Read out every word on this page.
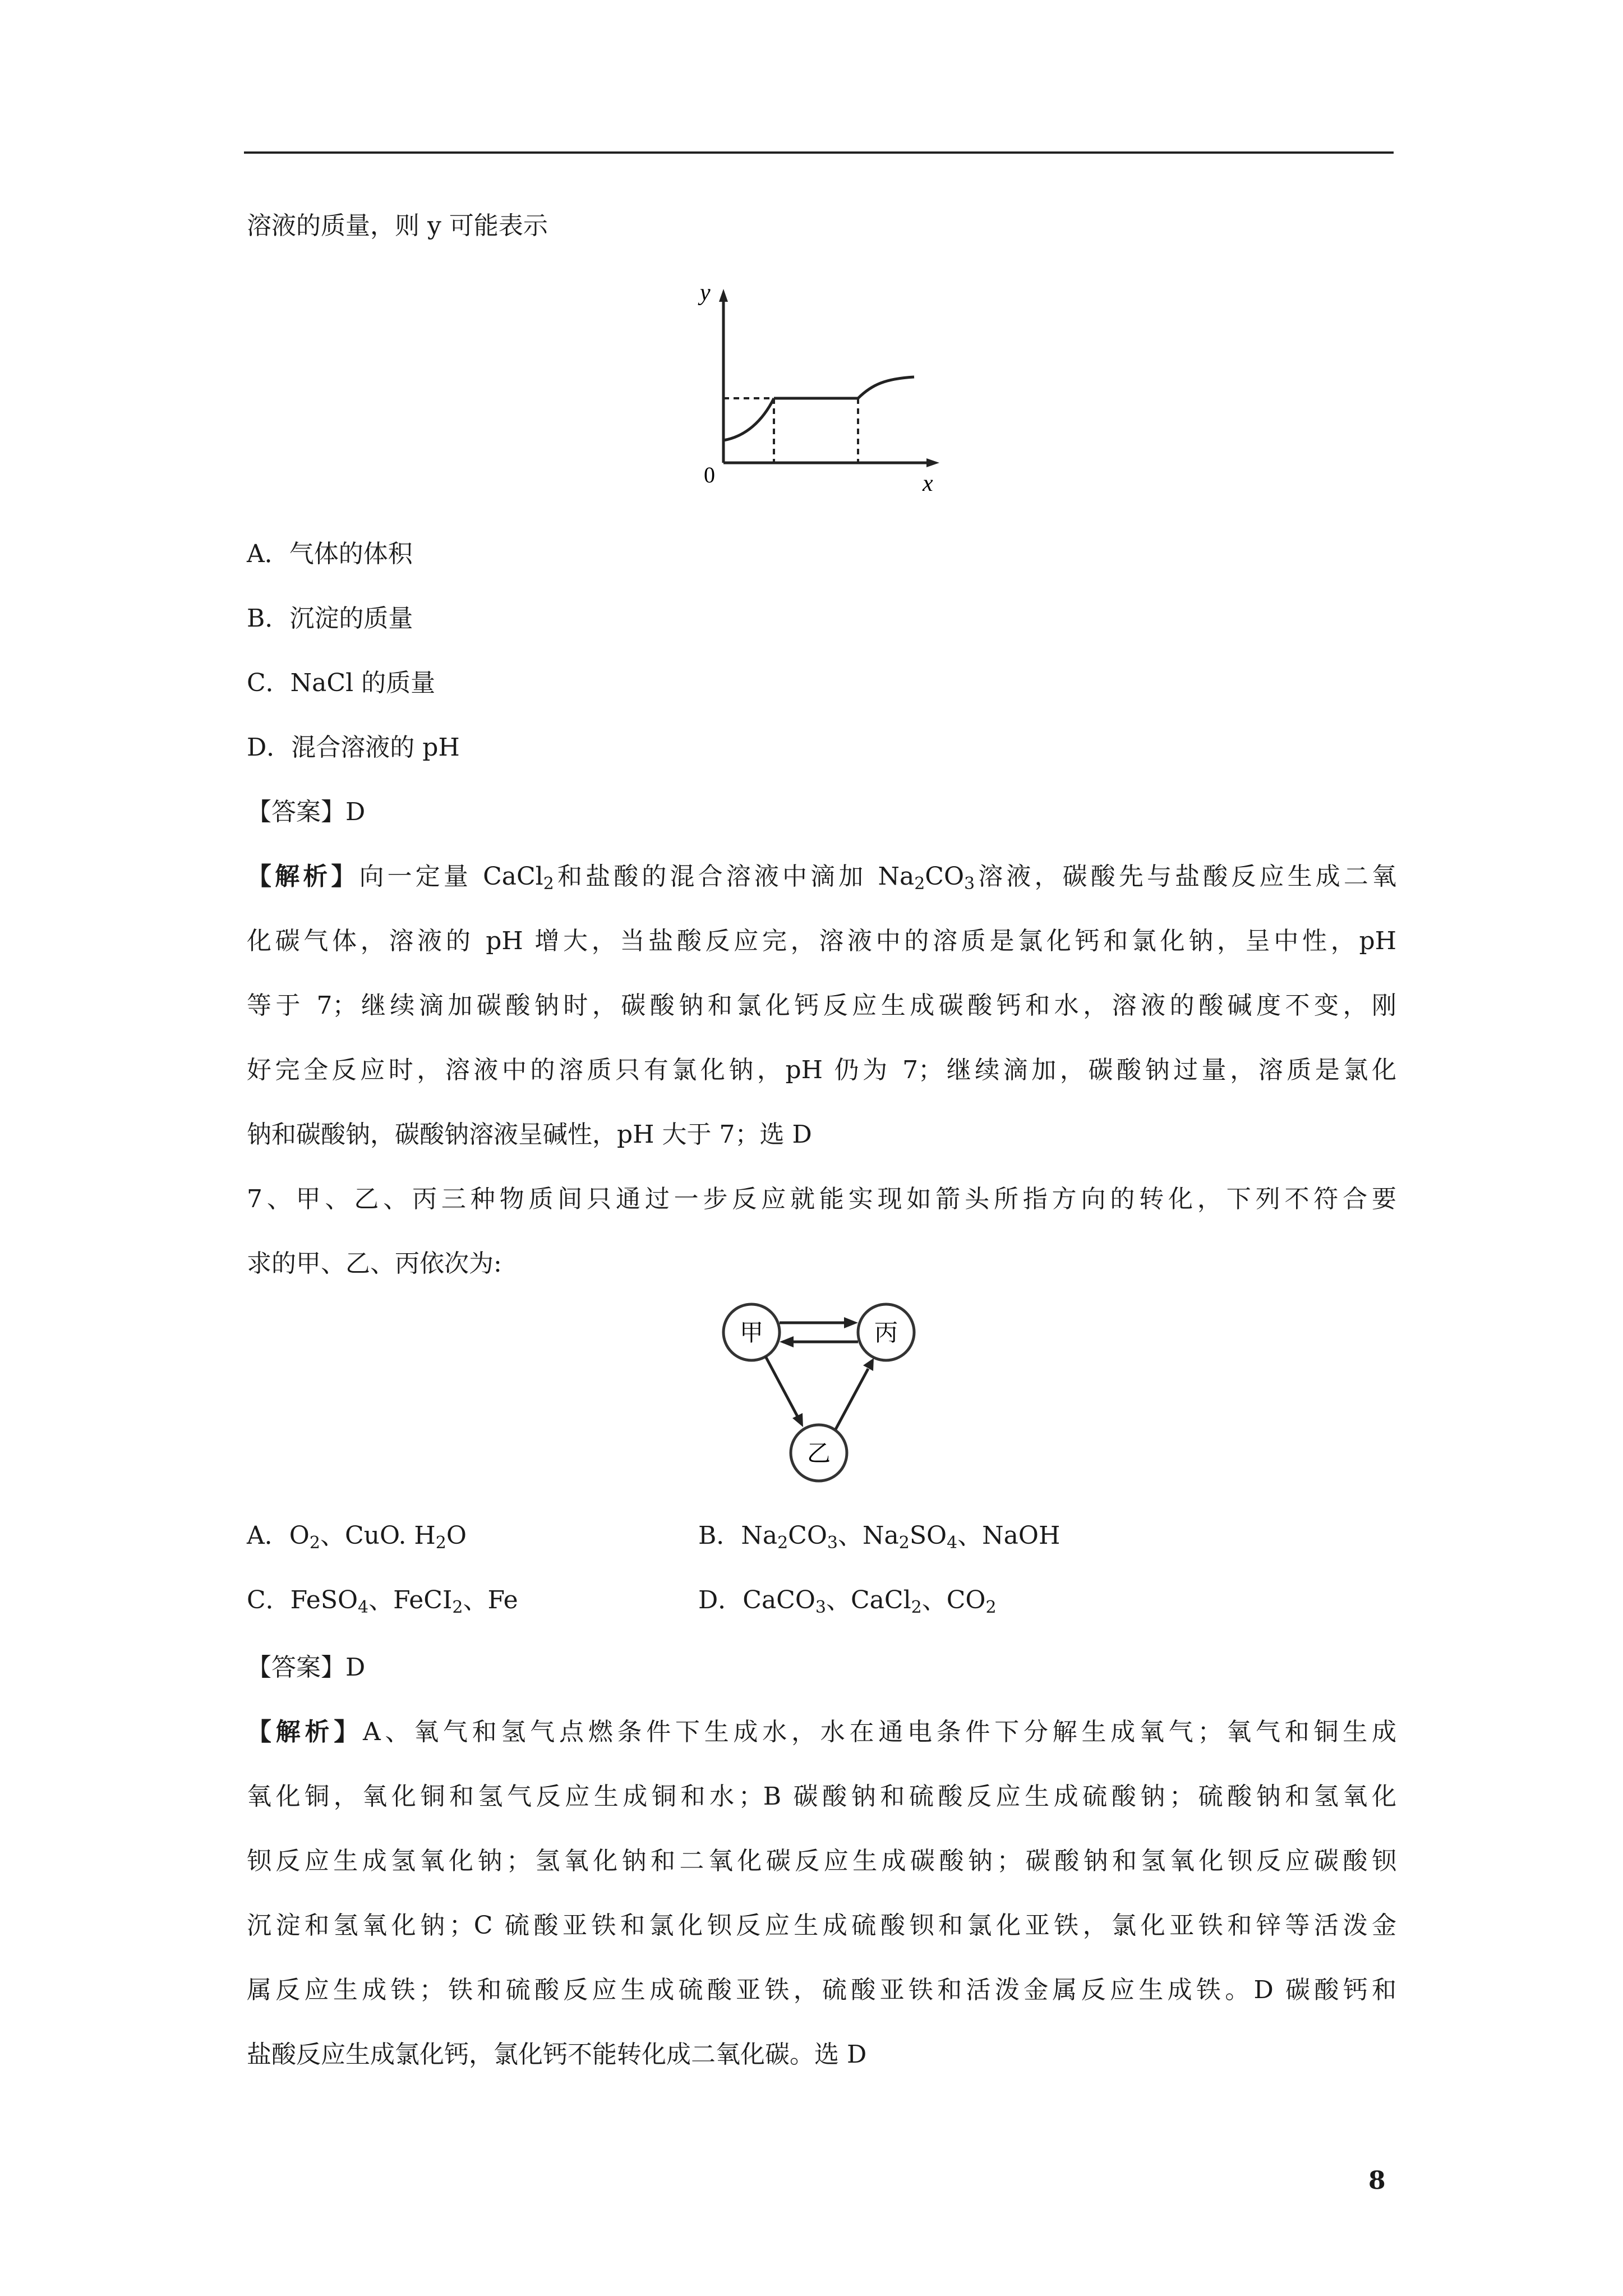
溶液的质量，则 y 可能表示
y
x
0
A．气体的体积
B．沉淀的质量
C．NaCl 的质量
D．混合溶液的 pH
【答案】D
【解析】向一定量 CaCl$_2$和盐酸的混合溶液中滴加 $Na_2CO_3$溶液，碳酸先与盐酸反应生成二氧
化碳气体，溶液的 pH 增大，当盐酸反应完，溶液中的溶质是氯化钙和氯化钠，呈中性，pH
等于 7；继续滴加碳酸钠时，碳酸钠和氯化钙反应生成碳酸钙和水，溶液的酸碱度不变，刚
好完全反应时，溶液中的溶质只有氯化钠，pH 仍为 7；继续滴加，碳酸钠过量，溶质是氯化
钠和碳酸钠，碳酸钠溶液呈碱性，pH 大于 7；选 D
7、甲、乙、丙三种物质间只通过一步反应就能实现如箭头所指方向的转化，下列不符合要
求的甲、乙、丙依次为:
甲	丙
乙
A．$O_2$、CuO. $H_2O$	B．$Na_2CO_3$、$Na_2SO_4$、NaOH
C．FeSO$_4$、FeCI$_2$、Fe	D．CaCO$_3$、CaCl$_2$、$CO_2$
【答案】D
【解析】A、氧气和氢气点燃条件下生成水，水在通电条件下分解生成氧气；氧气和铜生成
氧化铜，氧化铜和氢气反应生成铜和水；B 碳酸钠和硫酸反应生成硫酸钠；硫酸钠和氢氧化
钡反应生成氢氧化钠；氢氧化钠和二氧化碳反应生成碳酸钠；碳酸钠和氢氧化钡反应碳酸钡
沉淀和氢氧化钠；C 硫酸亚铁和氯化钡反应生成硫酸钡和氯化亚铁，氯化亚铁和锌等活泼金
属反应生成铁；铁和硫酸反应生成硫酸亚铁，硫酸亚铁和活泼金属反应生成铁。D 碳酸钙和
盐酸反应生成氯化钙，氯化钙不能转化成二氧化碳。选 D
8
